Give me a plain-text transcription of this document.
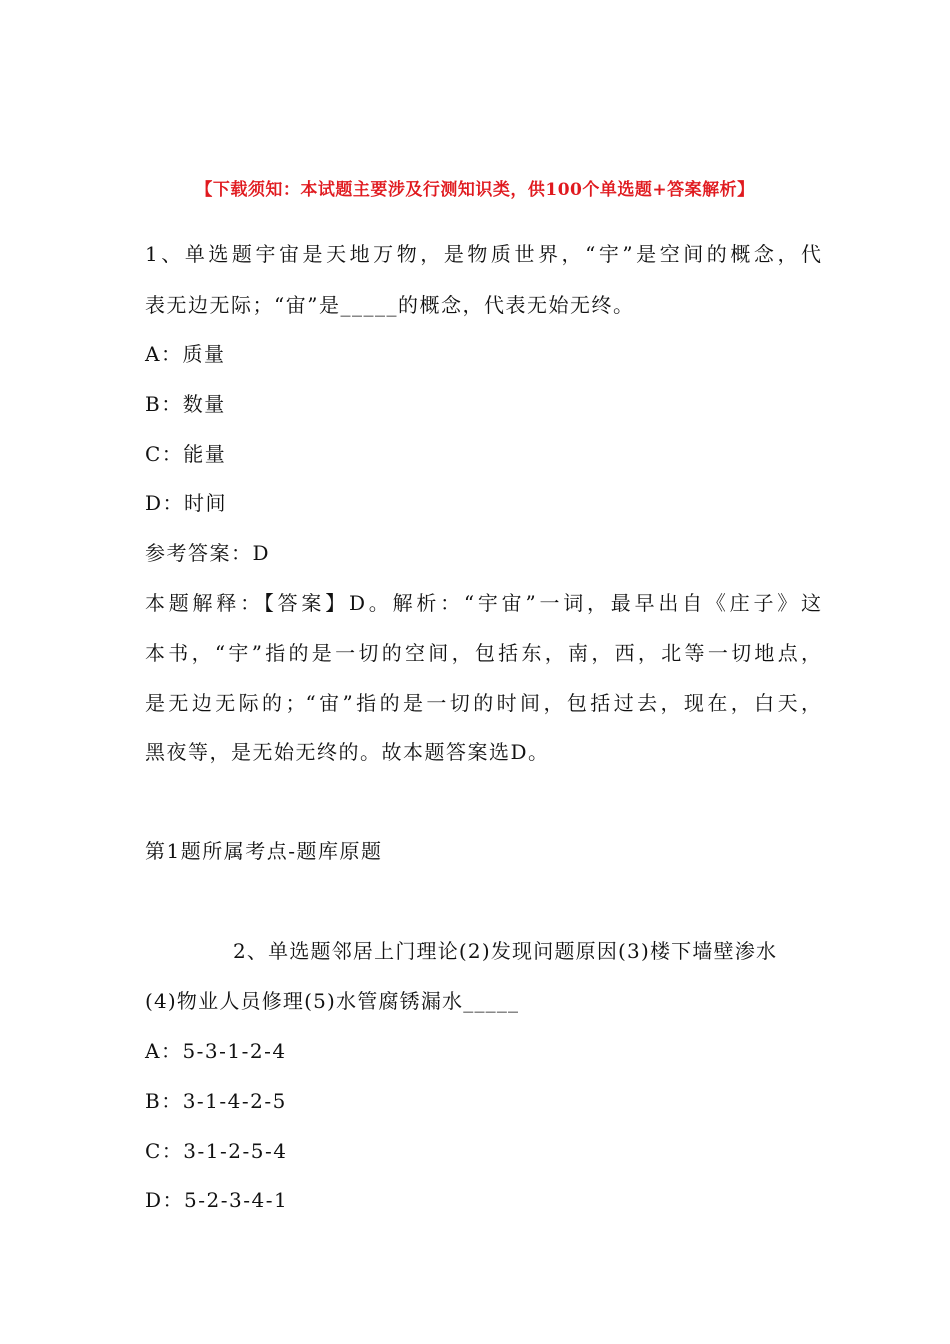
【下载须知：本试题主要涉及行测知识类，供100个单选题+答案解析】
1、单选题宇宙是天地万物，是物质世界，“宇”是空间的概念，代
表无边无际；“宙”是_____的概念，代表无始无终。
A：质量
B：数量
C：能量
D：时间
参考答案：D
本题解释：【答案】D。解析：“宇宙”一词，最早出自《庄子》这
本书，“宇”指的是一切的空间，包括东，南，西，北等一切地点，
是无边无际的；“宙”指的是一切的时间，包括过去，现在，白天，
黑夜等，是无始无终的。故本题答案选D。
第1题所属考点-题库原题
2、单选题邻居上门理论(2)发现问题原因(3)楼下墙壁渗水
(4)物业人员修理(5)水管腐锈漏水_____
A：5-3-1-2-4
B：3-1-4-2-5
C：3-1-2-5-4
D：5-2-3-4-1
